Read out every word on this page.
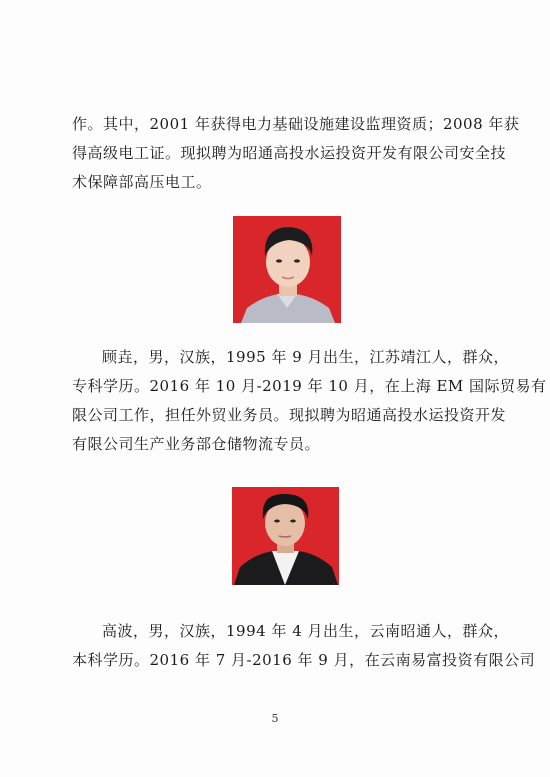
作。其中，2001 年获得电力基础设施建设监理资质；2008 年获
得高级电工证。现拟聘为昭通高投水运投资开发有限公司安全技
术保障部高压电工。
顾垚，男，汉族，1995 年 9 月出生，江苏靖江人，群众，
专科学历。2016 年 10 月-2019 年 10 月，在上海 EM 国际贸易有
限公司工作，担任外贸业务员。现拟聘为昭通高投水运投资开发
有限公司生产业务部仓储物流专员。
高波，男，汉族，1994 年 4 月出生，云南昭通人，群众，
本科学历。2016 年 7 月-2016 年 9 月，在云南易富投资有限公司
5
